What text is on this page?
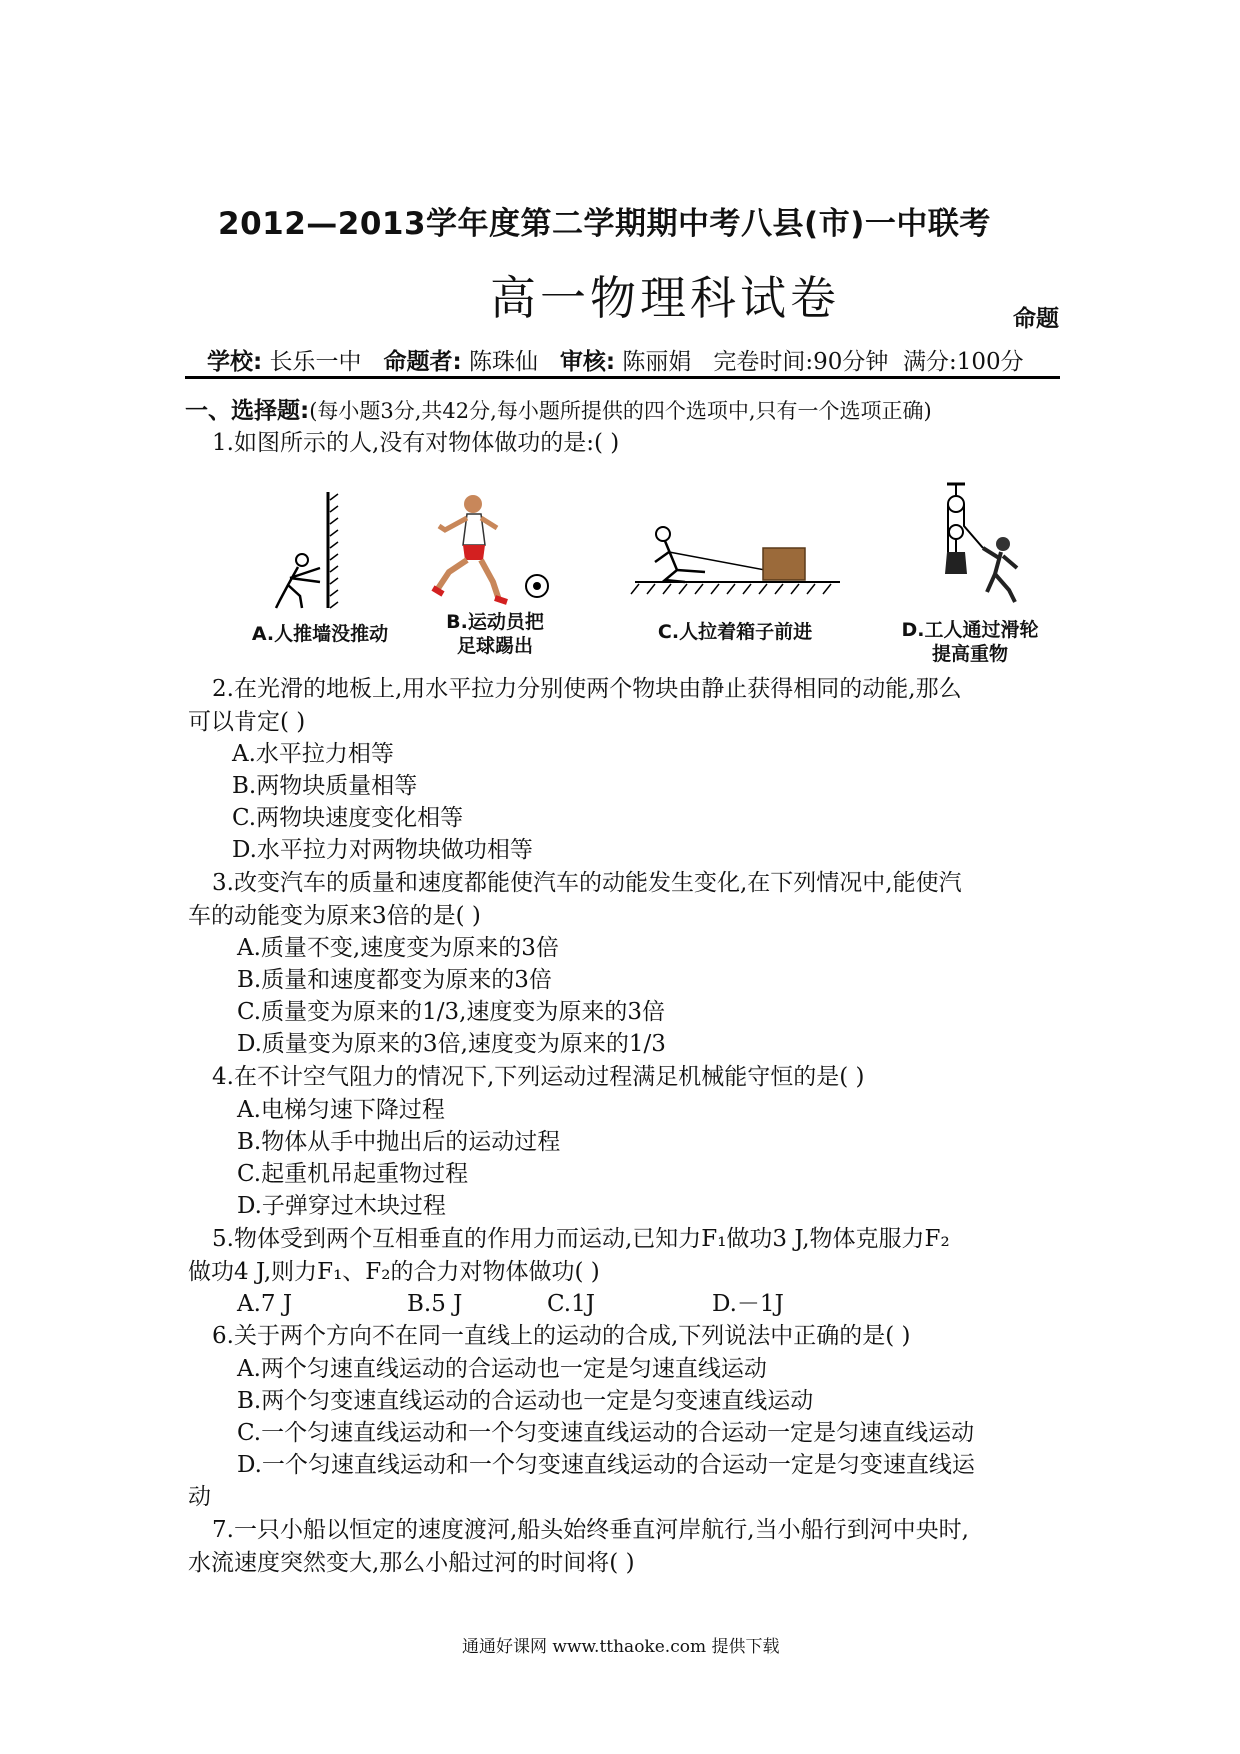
2012—2013学年度第二学期期中考八县(市)一中联考
高一物理科试卷	命题
学校: 长乐一中 命题者: 陈珠仙 审核: 陈丽娟 完卷时间:90分钟 满分:100分
一、选择题:(每小题3分,共42分,每小题所提供的四个选项中,只有一个选项正确)
1.如图所示的人,没有对物体做功的是:( )
A.人推墙没推动
B.运动员把
足球踢出
C.人拉着箱子前进	D.工人通过滑轮
提高重物
2.在光滑的地板上,用水平拉力分别使两个物块由静止获得相同的动能,那么
可以肯定( )
A.水平拉力相等
B.两物块质量相等
C.两物块速度变化相等
D.水平拉力对两物块做功相等
3.改变汽车的质量和速度都能使汽车的动能发生变化,在下列情况中,能使汽
车的动能变为原来3倍的是( )
A.质量不变,速度变为原来的3倍
B.质量和速度都变为原来的3倍
C.质量变为原来的1/3,速度变为原来的3倍
D.质量变为原来的3倍,速度变为原来的1/3
4.在不计空气阻力的情况下,下列运动过程满足机械能守恒的是( )
A.电梯匀速下降过程
B.物体从手中抛出后的运动过程
C.起重机吊起重物过程
D.子弹穿过木块过程
5.物体受到两个互相垂直的作用力而运动,已知力F₁做功3 J,物体克服力F₂
做功4 J,则力F₁、F₂的合力对物体做功( )
A.7 J	B.5 J	C.1J	D.－1J
6.关于两个方向不在同一直线上的运动的合成,下列说法中正确的是( )
A.两个匀速直线运动的合运动也一定是匀速直线运动
B.两个匀变速直线运动的合运动也一定是匀变速直线运动
C.一个匀速直线运动和一个匀变速直线运动的合运动一定是匀速直线运动
D.一个匀速直线运动和一个匀变速直线运动的合运动一定是匀变速直线运
动
7.一只小船以恒定的速度渡河,船头始终垂直河岸航行,当小船行到河中央时,
水流速度突然变大,那么小船过河的时间将( )
通通好课网 www.tthaoke.com 提供下载
